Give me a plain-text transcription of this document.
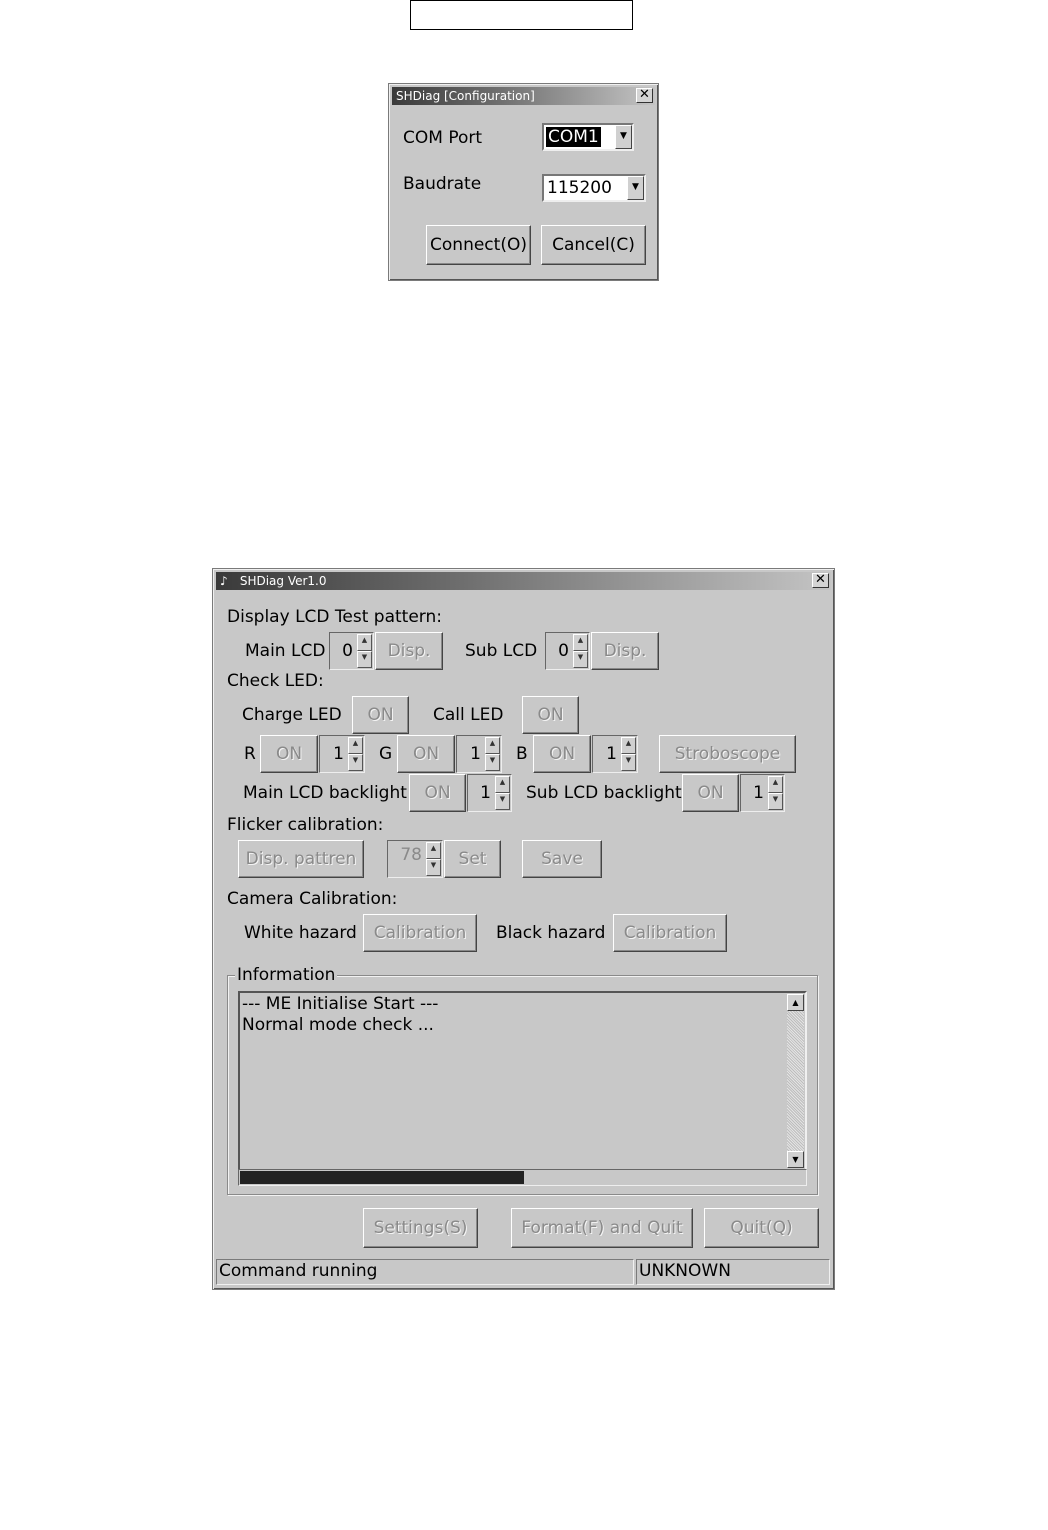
SHDiag [Configuration]	✕
COM Port	COM1	▼
Baudrate	115200	▼
Connect(O)	Cancel(C)
♪ SHDiag Ver1.0	✕
Display LCD Test pattern:
Main LCD 0
▲
▼	Disp.	Sub LCD 0
▲
▼	Disp.
Check LED:
Charge LED	ON	Call LED	ON
R	ON	1
▲
▼ G	ON	1
▲
▼ B	ON	1
▲
▼	Stroboscope
Main LCD backlight	ON	1
▲
▼ Sub LCD backlight ON	1
▲
▼
Flicker calibration:
Disp. pattren	78	▲
▼	Set	Save
Camera Calibration:
White hazard Calibration	Black hazard	Calibration
Information
--- ME Initialise Start ---
Normal mode check ...
▲
▼
Settings(S)	Format(F) and Quit	Quit(Q)
Command running	UNKNOWN
